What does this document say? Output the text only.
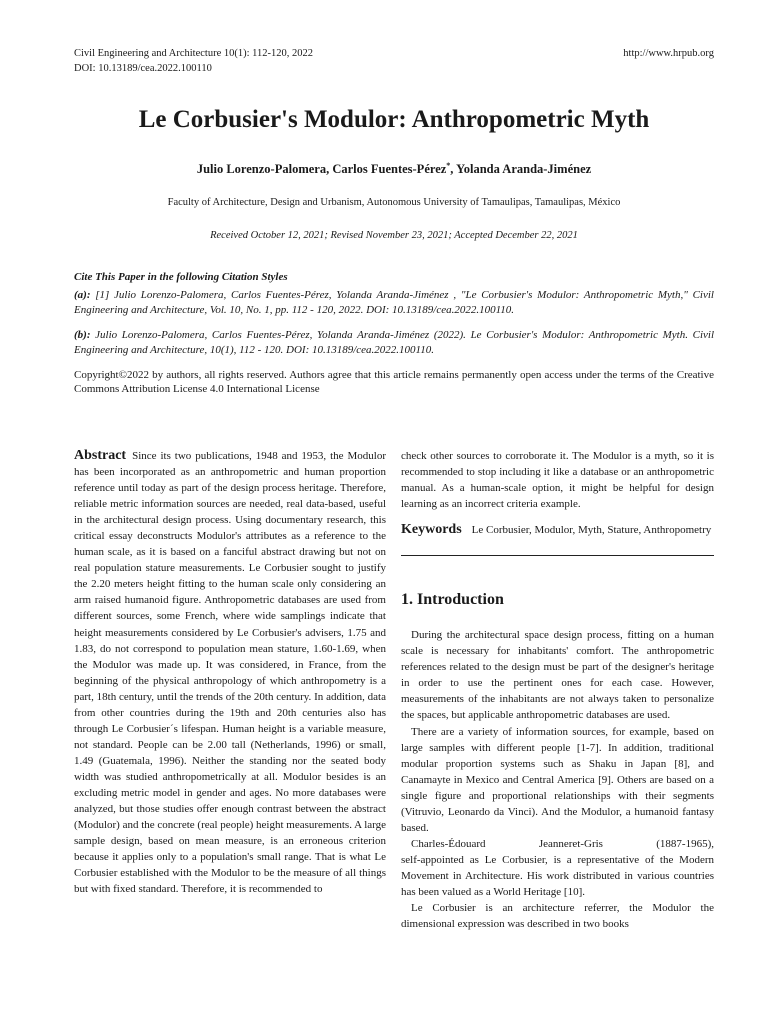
Civil Engineering and Architecture 10(1): 112-120, 2022
DOI: 10.13189/cea.2022.100110
http://www.hrpub.org
Le Corbusier's Modulor: Anthropometric Myth
Julio Lorenzo-Palomera, Carlos Fuentes-Pérez*, Yolanda Aranda-Jiménez
Faculty of Architecture, Design and Urbanism, Autonomous University of Tamaulipas, Tamaulipas, México
Received October 12, 2021; Revised November 23, 2021; Accepted December 22, 2021
Cite This Paper in the following Citation Styles
(a): [1] Julio Lorenzo-Palomera, Carlos Fuentes-Pérez, Yolanda Aranda-Jiménez , "Le Corbusier's Modulor: Anthropometric Myth," Civil Engineering and Architecture, Vol. 10, No. 1, pp. 112 - 120, 2022. DOI: 10.13189/cea.2022.100110.
(b): Julio Lorenzo-Palomera, Carlos Fuentes-Pérez, Yolanda Aranda-Jiménez (2022). Le Corbusier's Modulor: Anthropometric Myth. Civil Engineering and Architecture, 10(1), 112 - 120. DOI: 10.13189/cea.2022.100110.
Copyright©2022 by authors, all rights reserved. Authors agree that this article remains permanently open access under the terms of the Creative Commons Attribution License 4.0 International License

Abstract Since its two publications, 1948 and 1953, the Modulor has been incorporated as an anthropometric and human proportion reference until today as part of the design process heritage. Therefore, reliable metric information sources are needed, real data-based, useful in the architectural design process. Using documentary research, this critical essay deconstructs Modulor's attributes as a reference to the human scale, as it is based on a fanciful abstract drawing but not on real population stature measurements. Le Corbusier sought to justify the 2.20 meters height fitting to the human scale only considering an arm raised humanoid figure. Anthropometric databases are used from different sources, some French, where wide samplings indicate that height measurements considered by Le Corbusier's advisers, 1.75 and 1.83, do not correspond to population mean stature, 1.60-1.69, when the Modulor was made up. It was considered, in France, from the beginning of the physical anthropology of which anthropometry is a part, 18th century, until the trends of the 20th century. In addition, data from other countries during the 19th and 20th centuries also has through Le Corbusier´s lifespan. Human height is a variable measure, not standard. People can be 2.00 tall (Netherlands, 1996) or small, 1.49 (Guatemala, 1996). Neither the standing nor the seated body width was studied anthropometrically at all. Modulor besides is an excluding metric model in gender and ages. No more databases were analyzed, but those studies offer enough contrast between the abstract (Modulor) and the concrete (real people) height measurements. A large sample design, based on mean measure, is an erroneous criterion because it applies only to a population's small range. That is what Le Corbusier established with the Modulor to be the measure of all things but with fixed standard. Therefore, it is recommended to

check other sources to corroborate it. The Modulor is a myth, so it is recommended to stop including it like a database or an anthropometric manual. As a human-scale option, it might be helpful for design learning as an incorrect criteria example.

Keywords Le Corbusier, Modulor, Myth, Stature, Anthropometry

1. Introduction

During the architectural space design process, fitting on a human scale is necessary for inhabitants' comfort. The anthropometric references related to the design must be part of the designer's heritage in order to use the pertinent ones for each case. However, measurements of the inhabitants are not always taken to personalize the spaces, but applicable anthropometric databases are used.

There are a variety of information sources, for example, based on large samples with different people [1-7]. In addition, traditional modular proportion systems such as Shaku in Japan [8], and Canamayte in Mexico and Central America [9]. Others are based on a single figure and proportional relationships with their segments (Vitruvio, Leonardo da Vinci). And the Modulor, a humanoid fantasy based.

Charles-Édouard Jeanneret-Gris (1887-1965),

self-appointed as Le Corbusier, is a representative of the Modern Movement in Architecture. His work distributed in various countries has been valued as a World Heritage [10].

Le Corbusier is an architecture referrer, the Modulor the dimensional expression was described in two books
